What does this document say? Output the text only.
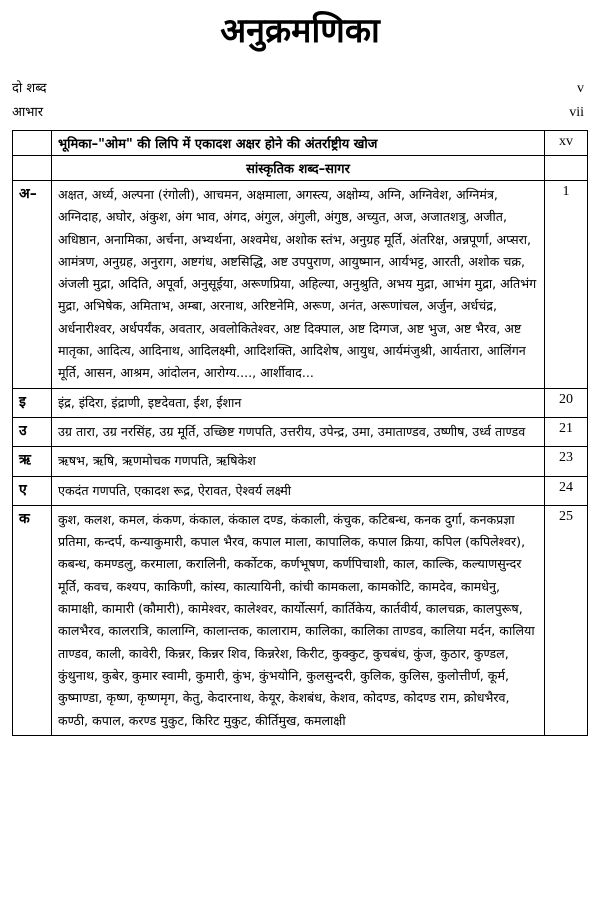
अनुक्रमणिका
दो शब्द	v
आभार	vii
	भूमिका–"ओम" की लिपि में एकादश अक्षर होने की अंतर्राष्ट्रीय खोज	xv
	सांस्कृतिक शब्द–सागर	
अ–	अक्षत, अर्ध्य, अल्पना (रंगोली), आचमन, अक्षमाला, अगस्त्य, अक्षोम्य, अग्नि, अग्निवेश, अग्निमंत्र, अग्निदाह, अघोर, अंकुश, अंग भाव, अंगद, अंगुल, अंगुली, अंगुष्ठ, अच्युत, अज, अजातशत्रु, अजीत, अधिष्ठान, अनामिका, अर्चना, अभ्यर्थना, अश्वमेध, अशोक स्तंभ, अनुग्रह मूर्ति, अंतरिक्ष, अन्नपूर्णा, अप्सरा, आमंत्रण, अनुग्रह, अनुराग, अष्टगंध, अष्टसिद्धि, अष्ट उपपुराण, आयुष्मान, आर्यभट्ट, आरती, अशोक चक्र, अंजली मुद्रा, अदिति, अपूर्वा, अनुसूईया, अरूणप्रिया, अहिल्या, अनुश्रुति, अभय मुद्रा, आभंग मुद्रा, अतिभंग मुद्रा, अभिषेक, अमिताभ, अम्बा, अरनाथ, अरिष्टनेमि, अरूण, अनंत, अरूणांचल, अर्जुन, अर्धचंद्र, अर्धनारीश्वर, अर्धपर्यंक, अवतार, अवलोकितेश्वर, अष्ट दिक्पाल, अष्ट दिग्गज, अष्ट भुज, अष्ट भैरव, अष्ट मातृका, आदित्य, आदिनाथ, आदिलक्ष्मी, आदिशक्ति, आदिशेष, आयुध, आर्यमंजुश्री, आर्यतारा, आलिंगन मूर्ति, आसन, आश्रम, आंदोलन, आरोग्य...., आर्शीवाद...	1
इ	इंद्र, इंदिरा, इंद्राणी, इष्टदेवता, ईश, ईशान	20
उ	उग्र तारा, उग्र नरसिंह, उग्र मूर्ति, उच्छिष्ट गणपति, उत्तरीय, उपेन्द्र, उमा, उमाताण्डव, उष्णीष, उर्ध्व ताण्डव	21
ऋ	ऋषभ, ऋषि, ऋणमोचक गणपति, ऋषिकेश	23
ए	एकदंत गणपति, एकादश रूद्र, ऐरावत, ऐश्वर्य लक्ष्मी	24
क	कुश, कलश, कमल, कंकण, कंकाल, कंकाल दण्ड, कंकाली, कंचुक, कटिबन्ध, कनक दुर्गा, कनकप्रज्ञा प्रतिमा, कन्दर्प, कन्याकुमारी, कपाल भैरव, कपाल माला, कापालिक, कपाल क्रिया, कपिल (कपिलेश्वर), कबन्ध, कमण्डलु, करमाला, करालिनी, कर्कोटक, कर्णभूषण, कर्णपिचाशी, काल, काल्कि, कल्याणसुन्दर मूर्ति, कवच, कश्यप, काकिणी, कांस्य, कात्यायिनी, कांची कामकला, कामकोटि, कामदेव, कामधेनु, कामाक्षी, कामारी (कौमारी), कामेश्वर, कालेश्वर, कार्योत्सर्ग, कार्तिकेय, कार्तवीर्य, कालचक्र, कालपुरूष, कालभैरव, कालरात्रि, कालाग्नि, कालान्तक, कालाराम, कालिका, कालिका ताण्डव, कालिया मर्दन, कालिया ताण्डव, काली, कावेरी, किन्नर, किन्नर शिव, किन्नरेश, किरीट, कुक्कुट, कुचबंध, कुंज, कुठार, कुण्डल, कुंथुनाथ, कुबेर, कुमार स्वामी, कुमारी, कुंभ, कुंभयोनि, कुलसुन्दरी, कुलिक, कुलिस, कुलोत्तीर्ण, कूर्म, कुष्माण्डा, कृष्ण, कृष्णमृग, केतु, केदारनाथ, केयूर, केशबंध, केशव, कोदण्ड, कोदण्ड राम, क्रोधभैरव, कण्ठी, कपाल, करण्ड मुकुट, किरिट मुकुट, कीर्तिमुख, कमलाक्षी	25
